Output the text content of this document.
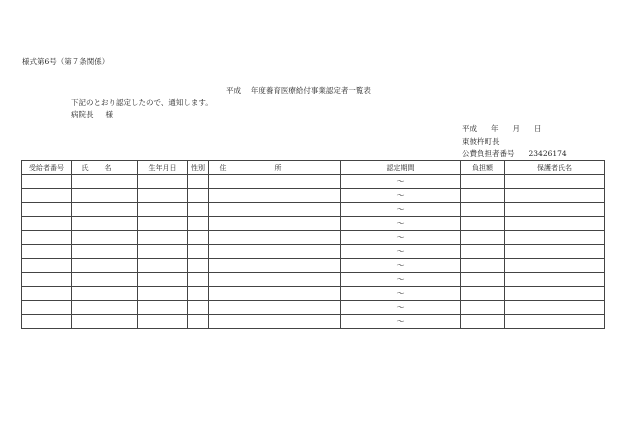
様式第6号（第７条関係）
平成　 年度養育医療給付事業認定者一覧表
下記のとおり認定したので、通知します。
病院長 様
平成 年 月 日
東彼杵町長
公費負担者番号 23426174
受給者番号	氏名	生年月日	性別	住所	認定期間	負担額	保護者氏名
					～		
					～		
					～		
					～		
					～		
					～		
					～		
					～		
					～		
					～		
					～		
